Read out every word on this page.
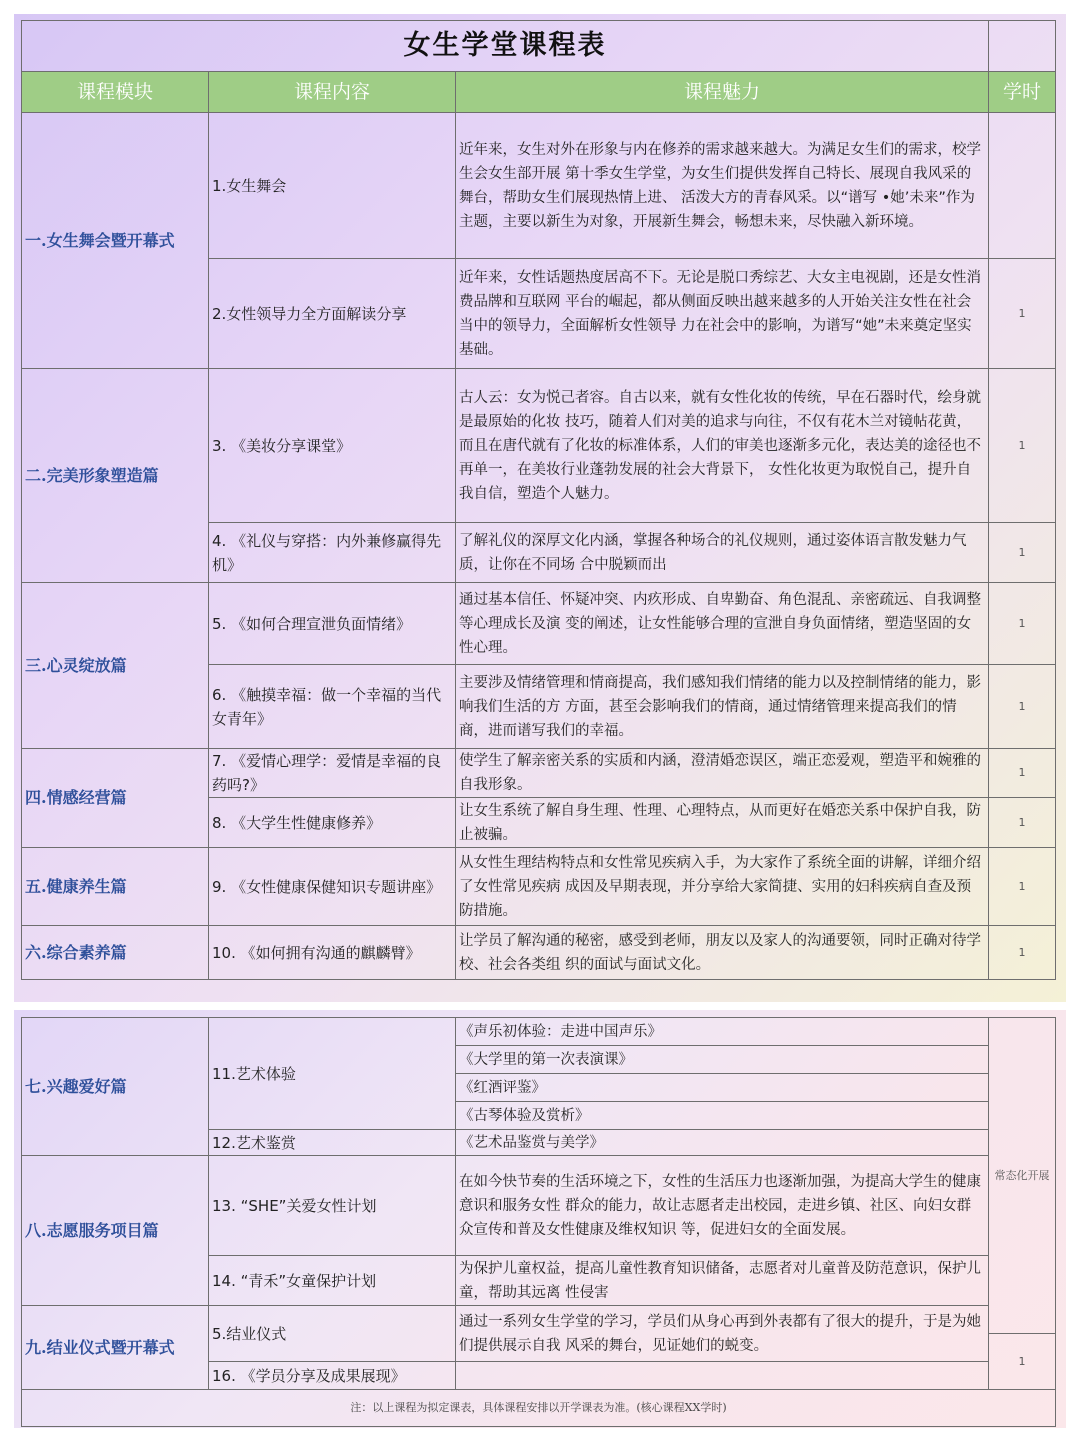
女生学堂课程表			
课程模块	课程内容	课程魅力	学时
一.女生舞会暨开幕式	1.女生舞会	近年来，女生对外在形象与内在修养的需求越来越大。为满足女生们的需求，校学生会女生部开展 第十季女生学堂，为女生们提供发挥自己特长、展现自我风采的舞台，帮助女生们展现热情上进、 活泼大方的青春风采。以“谱写 •她’未来”作为主题，主要以新生为对象，开展新生舞会，畅想未来，尽快融入新环境。	
	2.女性领导力全方面解读分享	近年来，女性话题热度居高不下。无论是脱口秀综艺、大女主电视剧，还是女性消费品牌和互联网 平台的崛起，都从侧面反映出越来越多的人开始关注女性在社会当中的领导力，全面解析女性领导 力在社会中的影响，为谱写“她”未来奠定坚实基础。	1
二.完美形象塑造篇	3. 《美妆分享课堂》	古人云：女为悦己者容。自古以来，就有女性化妆的传统，早在石器时代，绘身就是最原始的化妆 技巧，随着人们对美的追求与向往，不仅有花木兰对镜帖花黄，而且在唐代就有了化妆的标准体系，人们的审美也逐渐多元化，表达美的途径也不再单一，在美妆行业蓬勃发展的社会大背景下， 女性化妆更为取悦自己，提升自我自信，塑造个人魅力。	1
	4. 《礼仪与穿搭：内外兼修赢得先机》	了解礼仪的深厚文化内涵，掌握各种场合的礼仪规则，通过姿体语言散发魅力气质，让你在不同场 合中脱颖而出	1
三.心灵绽放篇	5. 《如何合理宣泄负面情绪》	通过基本信任、怀疑冲突、内疚形成、自卑勤奋、角色混乱、亲密疏远、自我调整等心理成长及演 变的阐述，让女性能够合理的宣泄自身负面情绪，塑造坚固的女性心理。	1
	6. 《触摸幸福：做一个幸福的当代女青年》	主要涉及情绪管理和情商提高，我们感知我们情绪的能力以及控制情绪的能力，影响我们生活的方 方面，甚至会影响我们的情商，通过情绪管理来提高我们的情商，进而谱写我们的幸福。	1
四.情感经营篇	7. 《爱情心理学：爱情是幸福的良药吗?》	使学生了解亲密关系的实质和内涵，澄清婚恋误区，端正恋爱观，塑造平和婉雅的自我形象。	1
	8. 《大学生性健康修养》	让女生系统了解自身生理、性理、心理特点，从而更好在婚恋关系中保护自我，防止被骗。	1
五.健康养生篇	9. 《女性健康保健知识专题讲座》	从女性生理结构特点和女性常见疾病入手，为大家作了系统全面的讲解，详细介绍了女性常见疾病 成因及早期表现，并分享给大家简捷、实用的妇科疾病自查及预防措施。	1
六.综合素养篇	10. 《如何拥有沟通的麒麟臂》	让学员了解沟通的秘密，感受到老师，朋友以及家人的沟通要领，同时正确对待学校、社会各类组 织的面试与面试文化。	1
七.兴趣爱好篇	11.艺术体验	《声乐初体验：走进中国声乐》	常态化开展
		《大学里的第一次表演课》	
		《红酒评鉴》	
		《古琴体验及赏析》	
	12.艺术鉴赏	《艺术品鉴赏与美学》	
八.志愿服务项目篇	13. “SHE”关爱女性计划	在如今快节奏的生活环境之下，女性的生活压力也逐渐加强，为提高大学生的健康意识和服务女性 群众的能力，故让志愿者走出校园，走进乡镇、社区、向妇女群众宣传和普及女性健康及维权知识 等，促进妇女的全面发展。	
	14. “青禾”女童保护计划	为保护儿童权益，提高儿童性教育知识储备，志愿者对儿童普及防范意识，保护儿童，帮助其远离 性侵害	
九.结业仪式暨开幕式	5.结业仪式	通过一系列女生学堂的学习，学员们从身心再到外表都有了很大的提升，于是为她们提供展示自我 风采的舞台，见证她们的蜕变。	
			1
	16. 《学员分享及成果展现》		
注：以上课程为拟定课表，具体课程安排以开学课表为准。(核心课程XX学时)			
